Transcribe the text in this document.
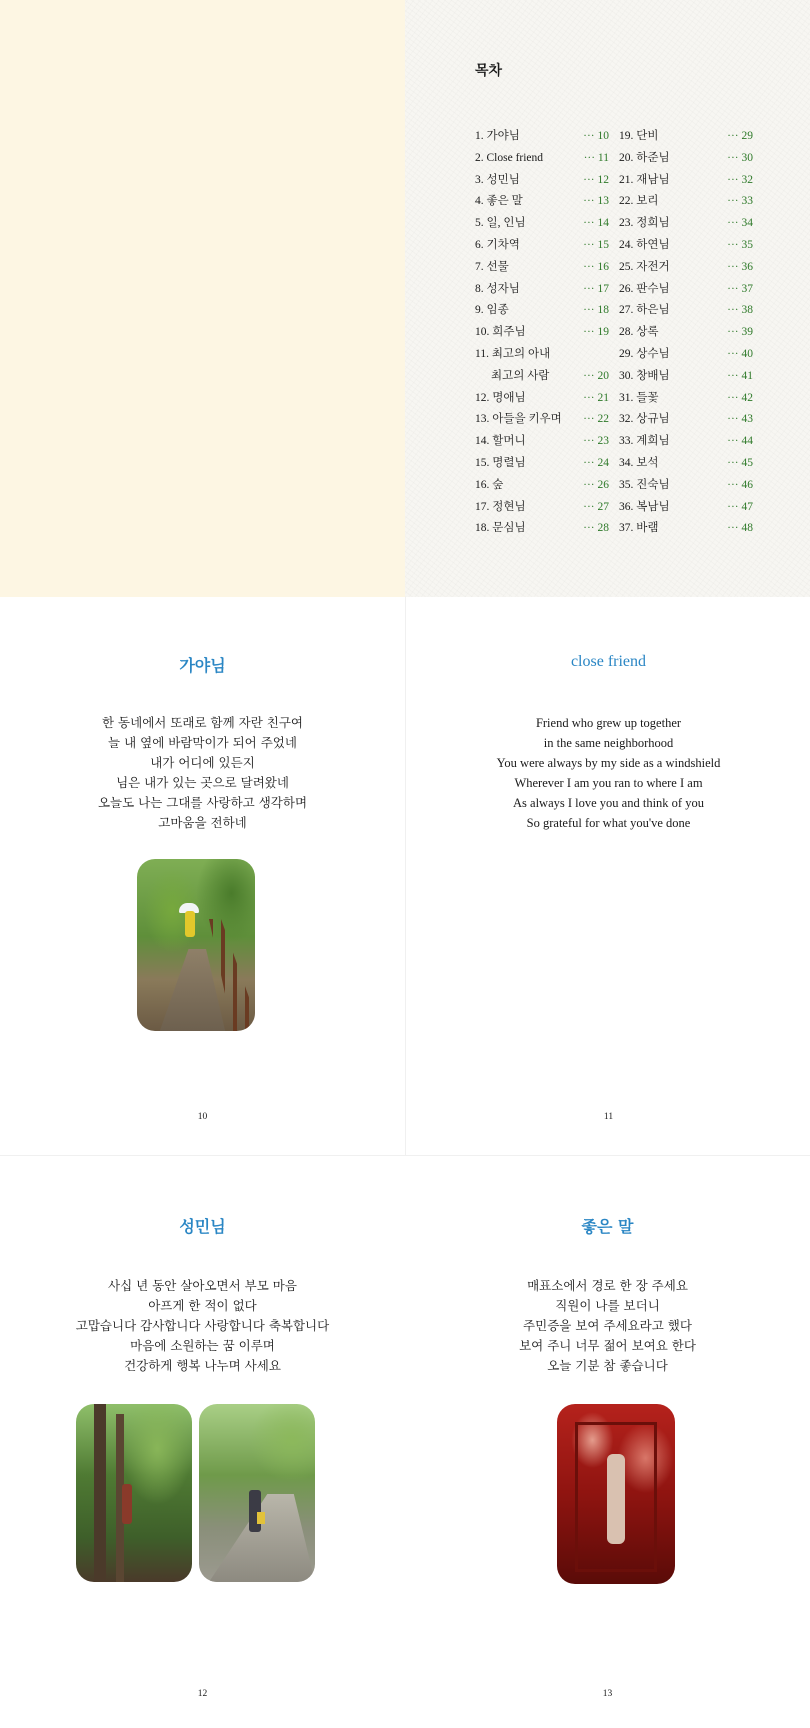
목차
1. 가야님	··· 10
2. Close friend	··· 11
3. 성민님	··· 12
4. 좋은 말	··· 13
5. 일, 인님	··· 14
6. 기차역	··· 15
7. 선물	··· 16
8. 성자님	··· 17
9. 임종	··· 18
10. 희주님	··· 19
11. 최고의 아내
최고의 사람	··· 20
12. 명애님	··· 21
13. 아들을 키우며 ··· 22
14. 할머니	··· 23
15. 명렬님	··· 24
16. 숲	··· 26
17. 정현님	··· 27
18. 문심님	··· 28
19. 단비	··· 29
20. 하준님	··· 30
21. 재남님	··· 32
22. 보리	··· 33
23. 정희님	··· 34
24. 하연님	··· 35
25. 자전거	··· 36
26. 판수님	··· 37
27. 하은님	··· 38
28. 상록	··· 39
29. 상수님	··· 40
30. 창배님	··· 41
31. 들꽃	··· 42
32. 상규님	··· 43
33. 계희님	··· 44
34. 보석	··· 45
35. 진숙님	··· 46
36. 복남님	··· 47
37. 바램	··· 48
가야님
한 동네에서 또래로 함께 자란 친구여
늘 내 옆에 바람막이가 되어 주었네
내가 어디에 있든지
님은 내가 있는 곳으로 달려왔네
오늘도 나는 그대를 사랑하고 생각하며
고마움을 전하네
10
close friend
Friend who grew up together
in the same neighborhood
You were always by my side as a windshield
Wherever I am you ran to where I am
As always I love you and think of you
So grateful for what you've done
11
성민님
사십 년 동안 살아오면서 부모 마음
아프게 한 적이 없다
고맙습니다 감사합니다 사랑합니다 축복합니다
마음에 소원하는 꿈 이루며
건강하게 행복 나누며 사세요
12
좋은 말
매표소에서 경로 한 장 주세요
직원이 나를 보더니
주민증을 보여 주세요라고 했다
보여 주니 너무 젊어 보여요 한다
오늘 기분 참 좋습니다
13
